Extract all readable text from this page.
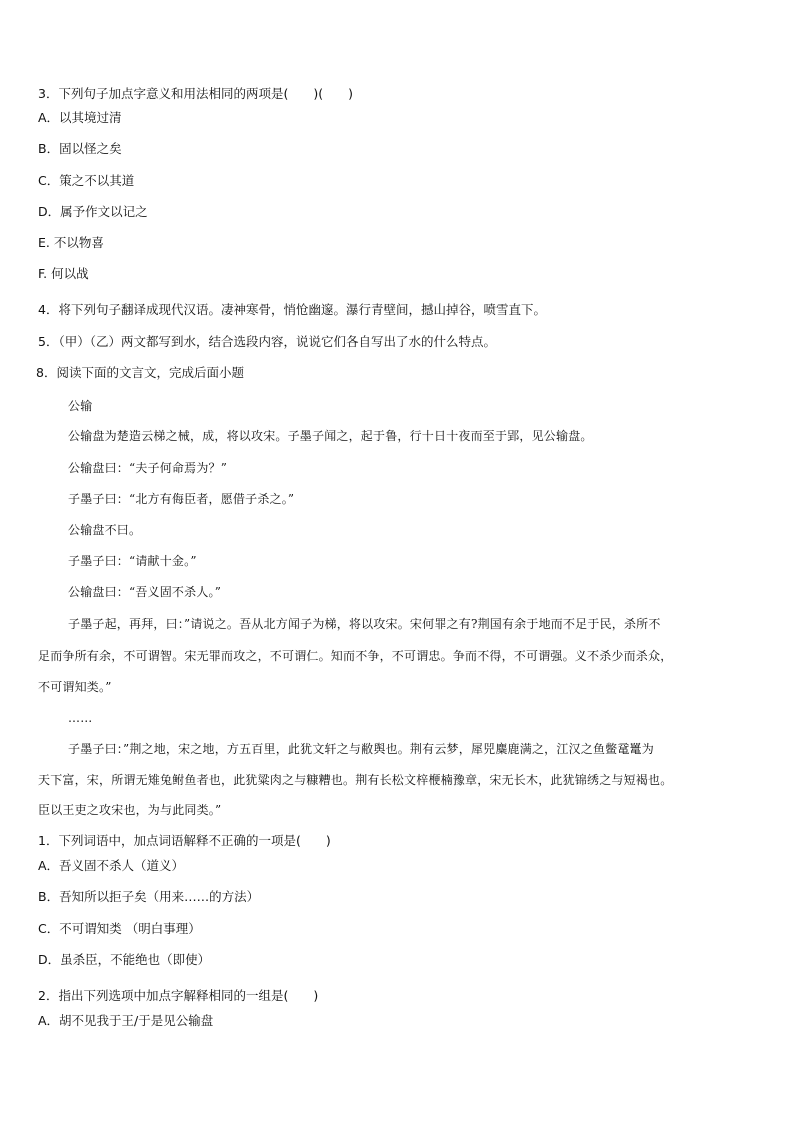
3．下列句子加点字意义和用法相同的两项是(　　)(　　)

A．以其境过清

B．固以怪之矣

C．策之不以其道

D．属予作文以记之

E. 不以物喜

F. 何以战

4．将下列句子翻译成现代汉语。凄神寒骨，悄怆幽邃。瀑行青壁间，撼山掉谷，喷雪直下。

5．（甲）（乙）两文都写到水，结合选段内容，说说它们各自写出了水的什么特点。

8．阅读下面的文言文，完成后面小题

公输

公输盘为楚造云梯之械，成，将以攻宋。子墨子闻之，起于鲁，行十日十夜而至于郢，见公输盘。

公输盘曰：“夫子何命焉为？”

子墨子曰：“北方有侮臣者，愿借子杀之。”

公输盘不曰。

子墨子曰：“请献十金。”

公输盘曰：“吾义固不杀人。”

子墨子起，再拜，曰：”请说之。吾从北方闻子为梯，将以攻宋。宋何罪之有?荆国有余于地而不足于民，杀所不

足而争所有余，不可谓智。宋无罪而攻之，不可谓仁。知而不争，不可谓忠。争而不得，不可谓强。义不杀少而杀众，

不可谓知类。”

……

子墨子曰：”荆之地，宋之地，方五百里，此犹文轩之与敝舆也。荆有云梦，犀兕麋鹿满之，江汉之鱼鳖鼋鼍为

天下富，宋，所谓无雉兔鲋鱼者也，此犹粱肉之与糠糟也。荆有长松文梓楩楠豫章，宋无长木，此犹锦绣之与短褐也。

臣以王吏之攻宋也，为与此同类。”

1．下列词语中，加点词语解释不正确的一项是(　　)

A．吾义固不杀人（道义）

B．吾知所以拒子矣（用来……的方法）

C．不可谓知类 （明白事理）

D．虽杀臣，不能绝也（即使）

2．指出下列选项中加点字解释相同的一组是(　　)

A．胡不见我于王/于是见公输盘
